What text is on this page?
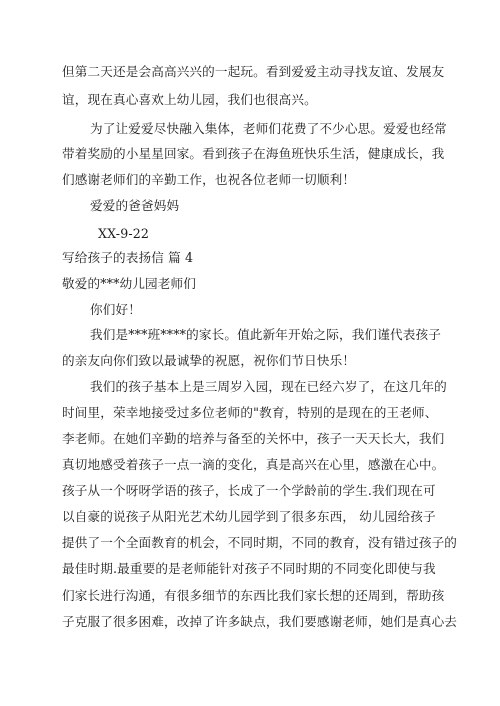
但第二天还是会高高兴兴的一起玩。看到爱爱主动寻找友谊、发展友
谊，现在真心喜欢上幼儿园，我们也很高兴。
为了让爱爱尽快融入集体，老师们花费了不少心思。爱爱也经常
带着奖励的小星星回家。看到孩子在海鱼班快乐生活，健康成长，我
们感谢老师们的辛勤工作，也祝各位老师一切顺利！
爱爱的爸爸妈妈
XX-9-22
写给孩子的表扬信 篇 4
敬爱的***幼儿园老师们
你们好！
我们是***班****的家长。值此新年开始之际，我们谨代表孩子
的亲友向你们致以最诚挚的祝愿，祝你们节日快乐！
我们的孩子基本上是三周岁入园，现在已经六岁了，在这几年的
时间里，荣幸地接受过多位老师的"教育，特别的是现在的王老师、
李老师。在她们辛勤的培养与备至的关怀中，孩子一天天长大，我们
真切地感受着孩子一点一滴的变化，真是高兴在心里，感激在心中。
孩子从一个呀呀学语的孩子，长成了一个学龄前的学生.我们现在可
以自豪的说孩子从阳光艺术幼儿园学到了很多东西， 幼儿园给孩子
提供了一个全面教育的机会，不同时期，不同的教育，没有错过孩子的
最佳时期.最重要的是老师能针对孩子不同时期的不同变化即使与我
们家长进行沟通，有很多细节的东西比我们家长想的还周到，帮助孩
子克服了很多困难，改掉了许多缺点，我们要感谢老师，她们是真心去
